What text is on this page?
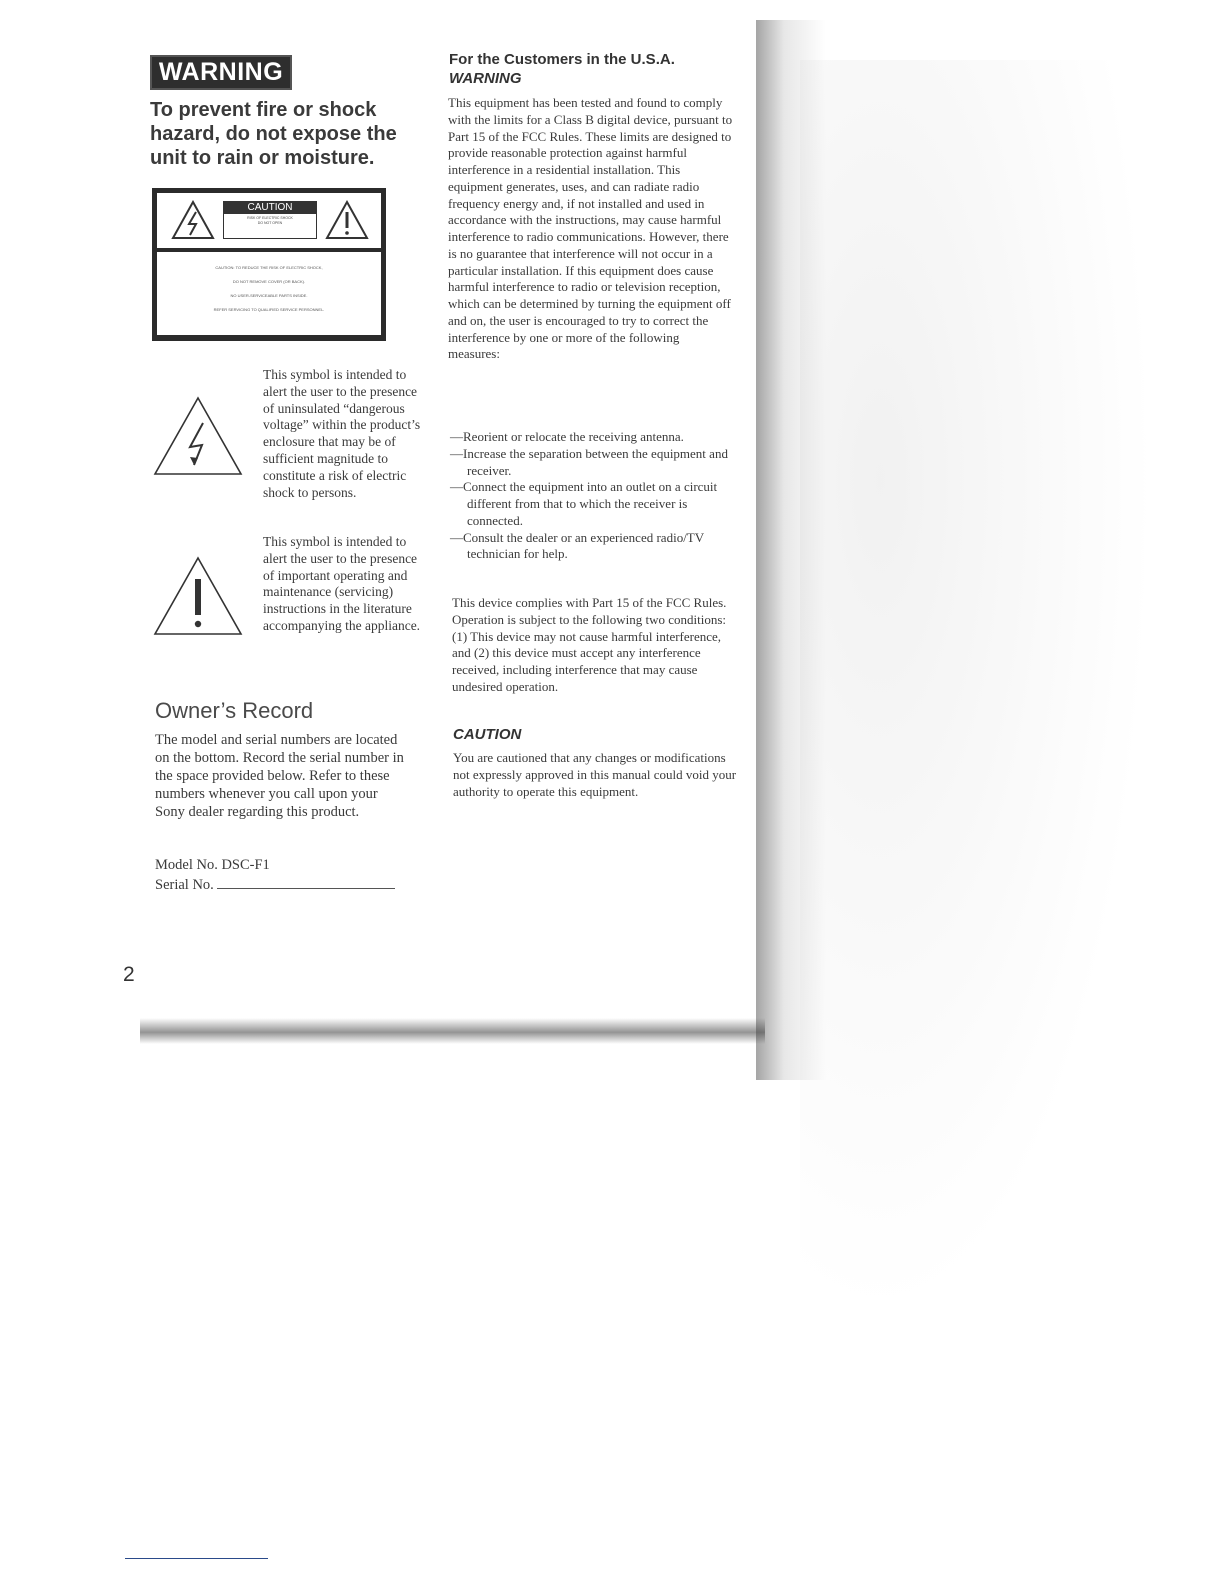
WARNING
To prevent fire or shock hazard, do not expose the unit to rain or moisture.
CAUTION
RISK OF ELECTRIC SHOCK
DO NOT OPEN
CAUTION: TO REDUCE THE RISK OF ELECTRIC SHOCK,
DO NOT REMOVE COVER (OR BACK).
NO USER-SERVICEABLE PARTS INSIDE.
REFER SERVICING TO QUALIFIED SERVICE PERSONNEL.
This symbol is intended to alert the user to the presence of uninsulated “dangerous voltage” within the product’s enclosure that may be of sufficient magnitude to constitute a risk of electric shock to persons.
This symbol is intended to alert the user to the presence of important operating and maintenance (servicing) instructions in the literature accompanying the appliance.
Owner’s Record
The model and serial numbers are located on the bottom. Record the serial number in the space provided below. Refer to these numbers whenever you call upon your Sony dealer regarding this product.
Model No. DSC-F1
Serial No.
2
For the Customers in the U.S.A.
WARNING
This equipment has been tested and found to comply with the limits for a Class B digital device, pursuant to Part 15 of the FCC Rules. These limits are designed to provide reasonable protection against harmful interference in a residential installation. This equipment generates, uses, and can radiate radio frequency energy and, if not installed and used in accordance with the instructions, may cause harmful interference to radio communications. However, there is no guarantee that interference will not occur in a particular installation. If this equipment does cause harmful interference to radio or television reception, which can be determined by turning the equipment off and on, the user is encouraged to try to correct the interference by one or more of the following measures:
—Reorient or relocate the receiving antenna.
—Increase the separation between the equipment and receiver.
—Connect the equipment into an outlet on a circuit different from that to which the receiver is connected.
—Consult the dealer or an experienced radio/TV technician for help.
This device complies with Part 15 of the FCC Rules. Operation is subject to the following two conditions: (1) This device may not cause harmful interference, and (2) this device must accept any interference received, including interference that may cause undesired operation.
CAUTION
You are cautioned that any changes or modifications not expressly approved in this manual could void your authority to operate this equipment.
